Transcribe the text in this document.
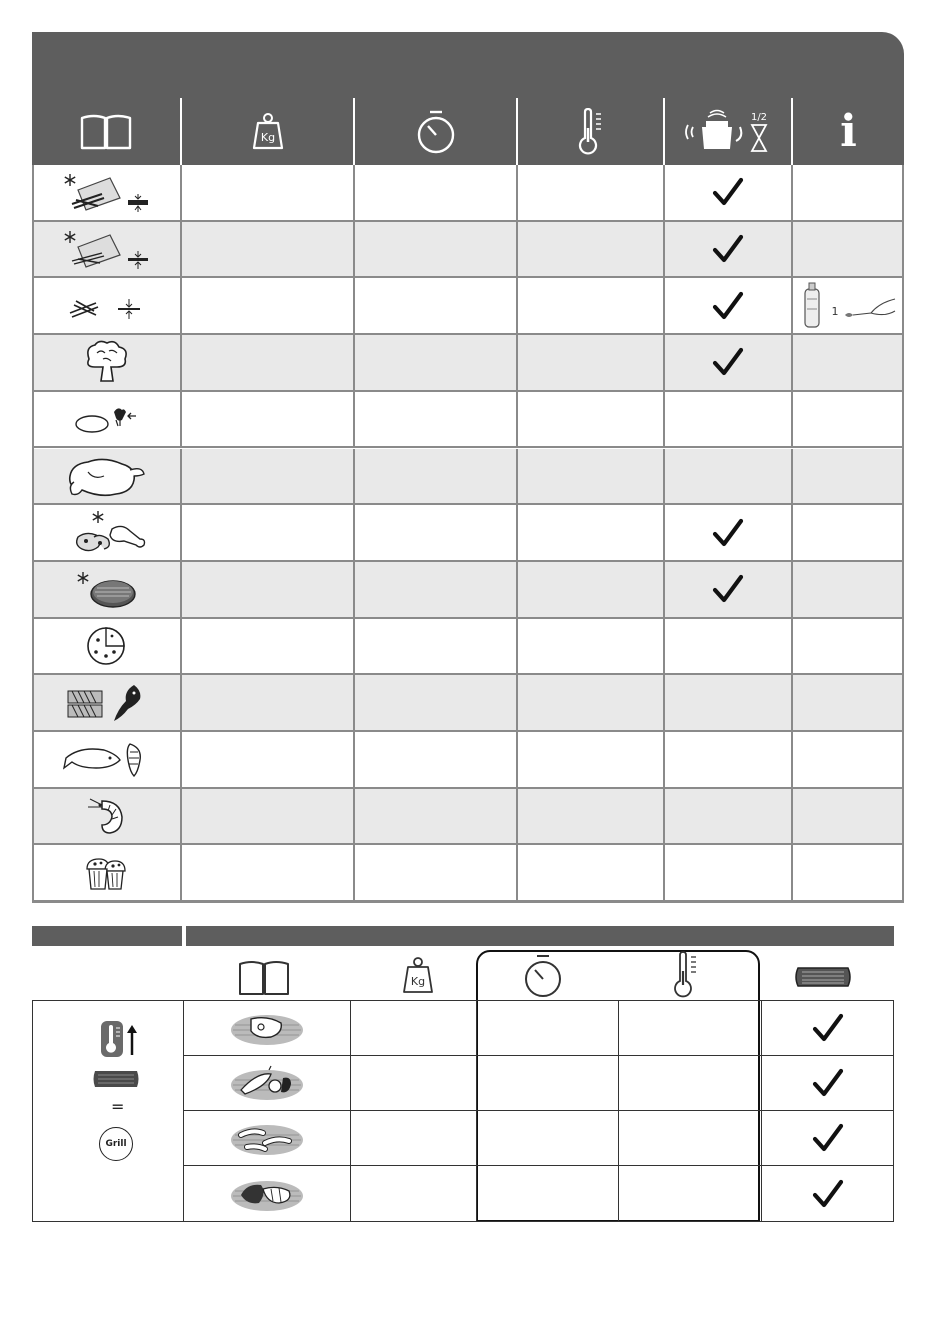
Kg
1/2 i
1
Kg
=
Grill
